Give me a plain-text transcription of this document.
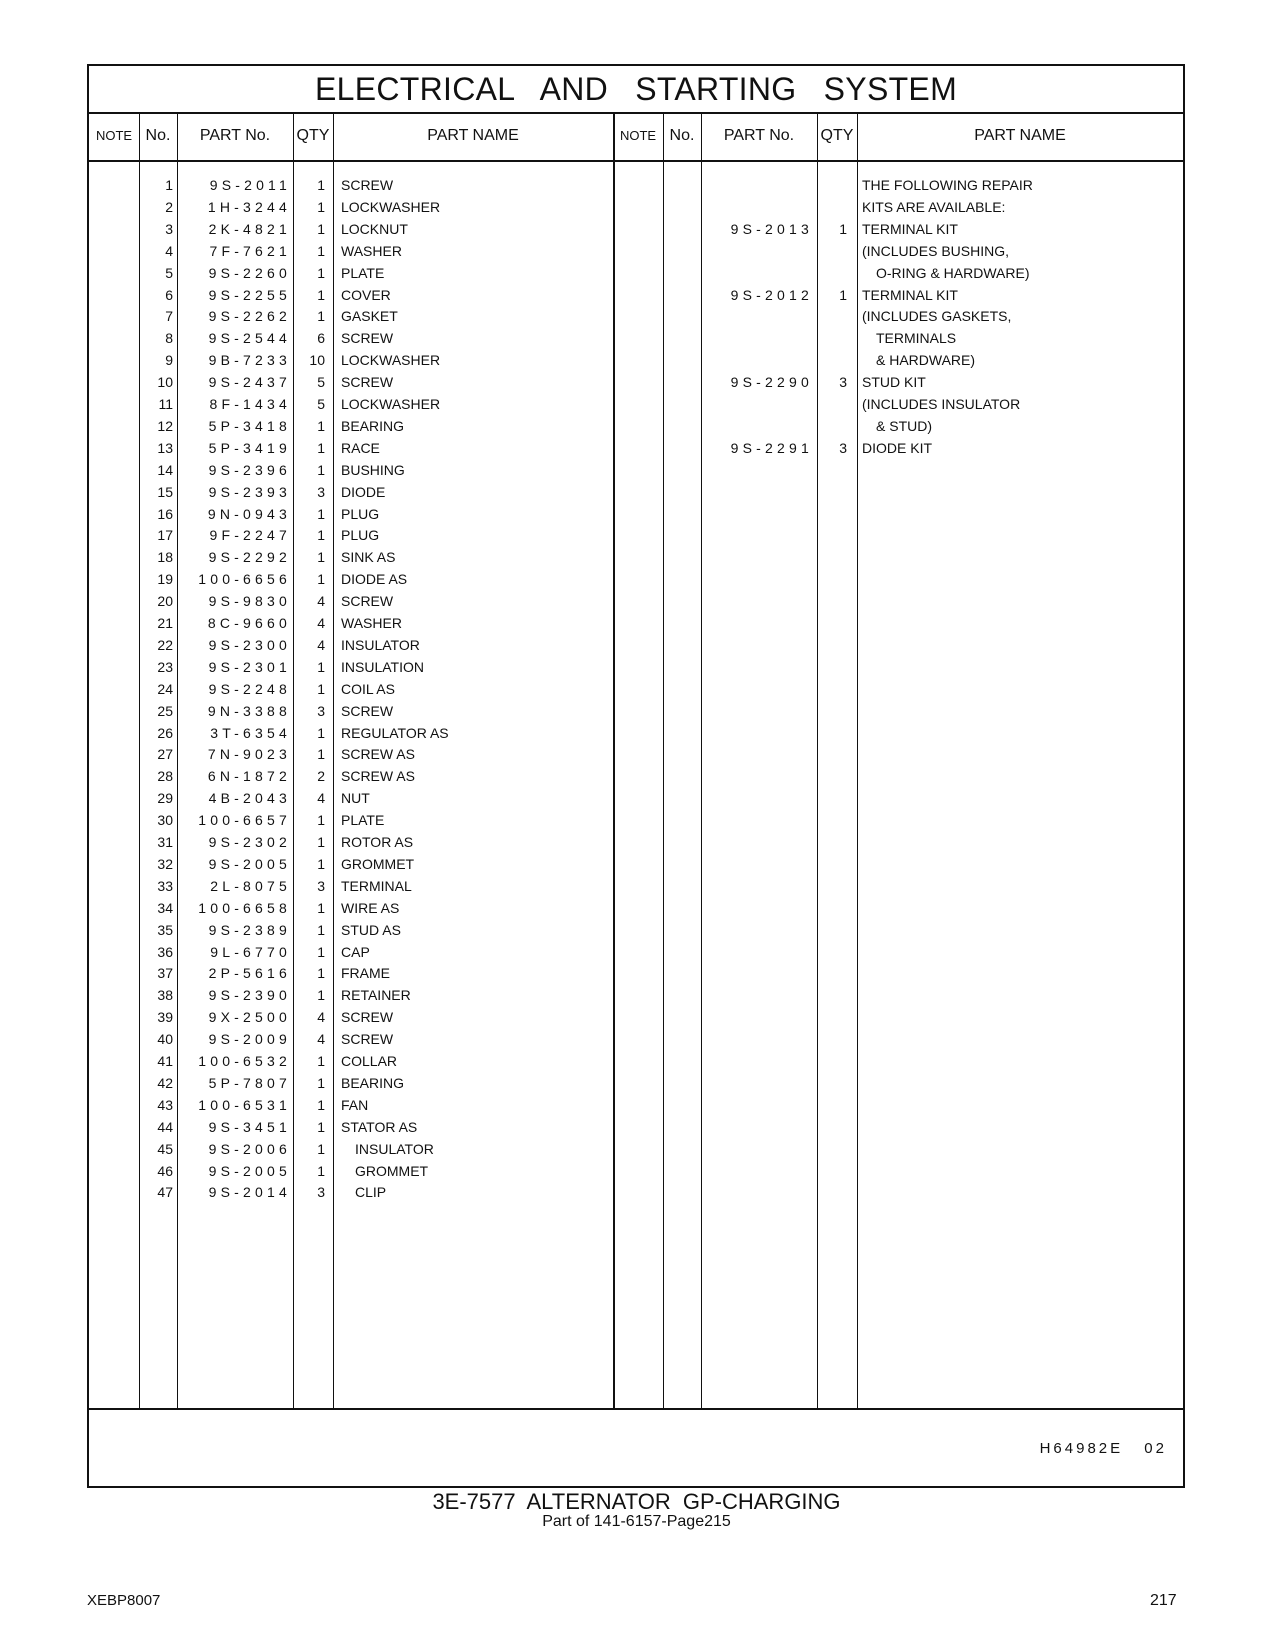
ELECTRICAL AND STARTING SYSTEM
NOTE No.	PART No.	QTY	PART NAME	NOTE No.	PART No.	QTY	PART NAME
1	9S-2011	1 SCREW
2	1H-3244	1 LOCKWASHER
3	2K-4821	1 LOCKNUT
4	7F-7621	1 WASHER
5	9S-2260	1 PLATE
6	9S-2255	1 COVER
7	9S-2262	1 GASKET
8	9S-2544	6 SCREW
9	9B-7233	10 LOCKWASHER
10	9S-2437	5 SCREW
11	8F-1434	5 LOCKWASHER
12	5P-3418	1 BEARING
13	5P-3419	1 RACE
14	9S-2396	1 BUSHING
15	9S-2393	3 DIODE
16	9N-0943	1 PLUG
17	9F-2247	1 PLUG
18	9S-2292	1 SINK AS
19	100-6656	1 DIODE AS
20	9S-9830	4 SCREW
21	8C-9660	4 WASHER
22	9S-2300	4 INSULATOR
23	9S-2301	1 INSULATION
24	9S-2248	1 COIL AS
25	9N-3388	3 SCREW
26	3T-6354	1 REGULATOR AS
27	7N-9023	1 SCREW AS
28	6N-1872	2 SCREW AS
29	4B-2043	4 NUT
30	100-6657	1 PLATE
31	9S-2302	1 ROTOR AS
32	9S-2005	1 GROMMET
33	2L-8075	3 TERMINAL
34	100-6658	1 WIRE AS
35	9S-2389	1 STUD AS
36	9L-6770	1 CAP
37	2P-5616	1 FRAME
38	9S-2390	1 RETAINER
39	9X-2500	4 SCREW
40	9S-2009	4 SCREW
41	100-6532	1 COLLAR
42	5P-7807	1 BEARING
43	100-6531	1 FAN
44	9S-3451	1 STATOR AS
45	9S-2006	1	INSULATOR
46	9S-2005	1	GROMMET
47	9S-2014	3	CLIP
THE FOLLOWING REPAIR
KITS ARE AVAILABLE:
9S-2013	1 TERMINAL KIT
(INCLUDES BUSHING,
O-RING & HARDWARE)
9S-2012	1 TERMINAL KIT
(INCLUDES GASKETS,
TERMINALS
& HARDWARE)
9S-2290	3 STUD KIT
(INCLUDES INSULATOR
& STUD)
9S-2291	3 DIODE KIT
H64982E 02
3E-7577 ALTERNATOR GP-CHARGING
Part of 141-6157-Page215
XEBP8007	217
